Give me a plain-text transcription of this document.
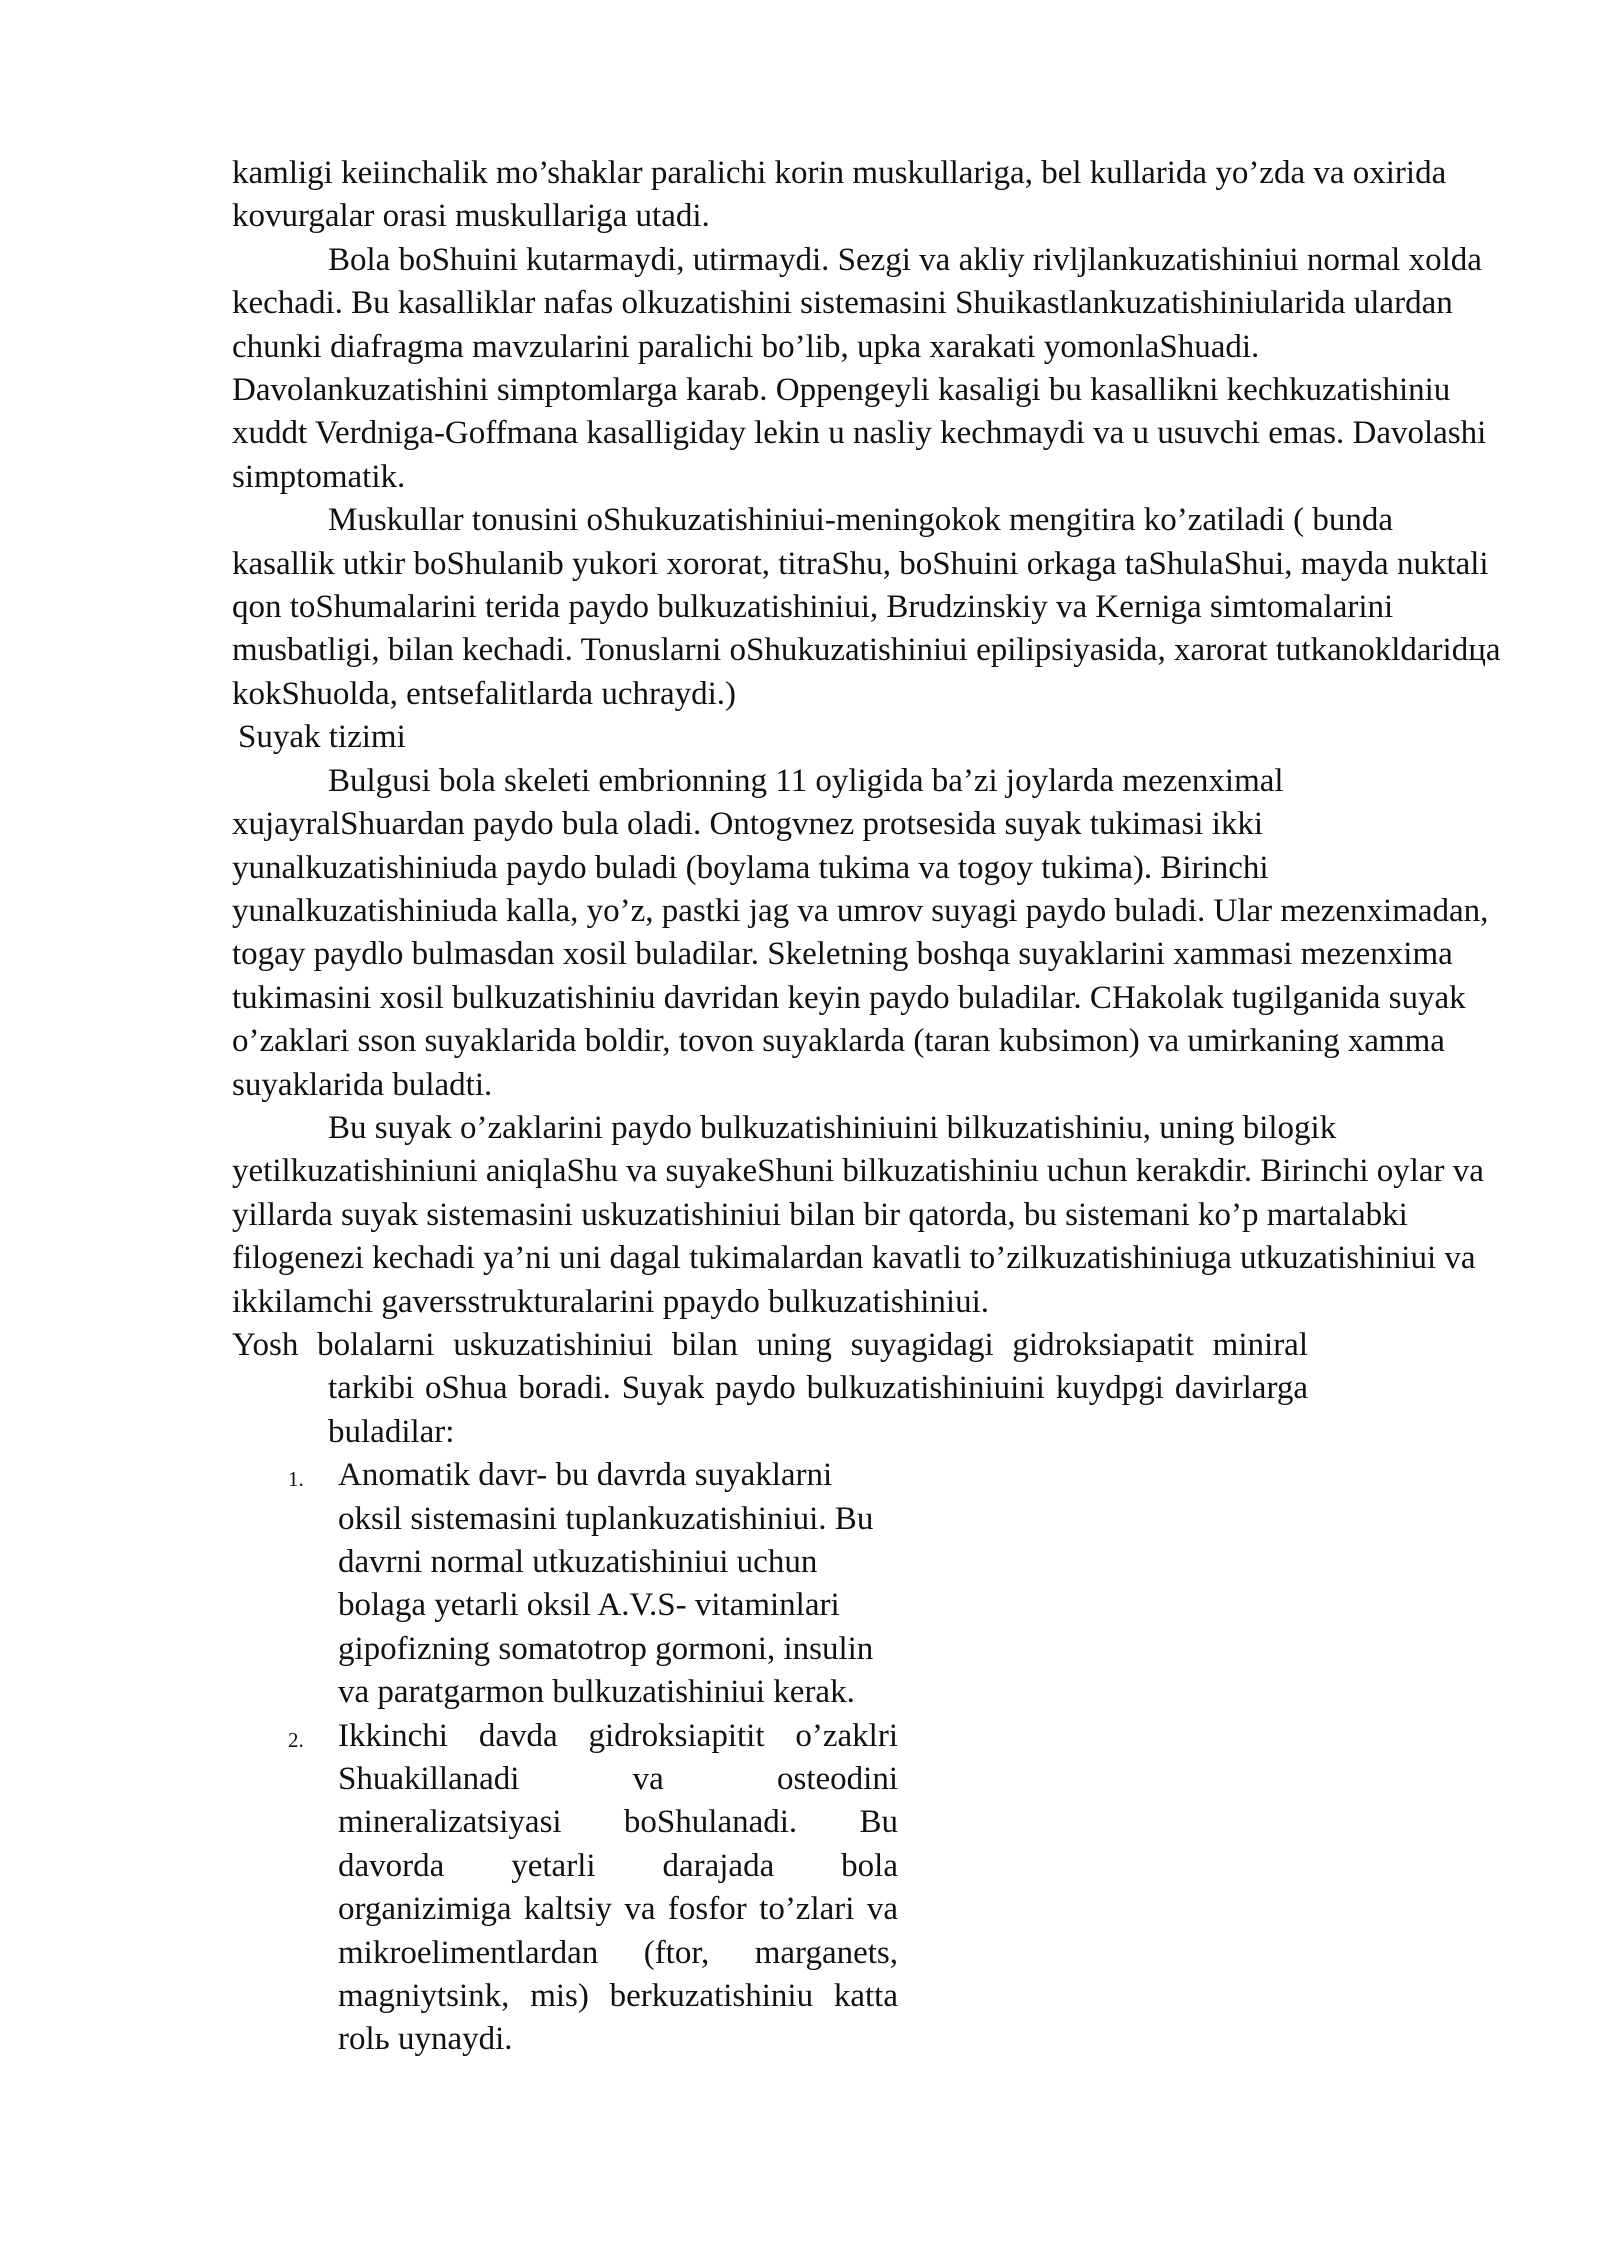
kamligi keiinchalik mo’shaklar paralichi korin muskullariga, bel kullarida yo’zda va oxirida kovurgalar orasi muskullariga utadi.

Bola boShuini kutarmaydi, utirmaydi. Sezgi va akliy rivljlankuzatishiniui normal xolda kechadi. Bu kasalliklar nafas olkuzatishini sistemasini Shuikastlankuzatishiniularida ulardan chunki diafragma mavzularini paralichi bo’lib, upka xarakati yomonlaShuadi. Davolankuzatishini simptomlarga karab. Oppengeyli kasaligi bu kasallikni kechkuzatishiniu xuddt Verdniga-Goffmana kasalligiday lekin u nasliy kechmaydi va u usuvchi emas. Davolashi simptomatik.

Muskullar tonusini oShukuzatishiniui-meningokok mengitira ko’zatiladi ( bunda kasallik utkir boShulanib yukori xororat, titraShu, boShuini orkaga taShulaShui, mayda nuktali qon toShumalarini terida paydo bulkuzatishiniui, Brudzinskiy va Kerniga simtomalarini musbatligi, bilan kechadi. Tonuslarni oShukuzatishiniui epilipsiyasida, xarorat tutkanokldaridцa kokShuolda, entsefalitlarda uchraydi.)

Suyak tizimi

Bulgusi bola skeleti embrionning 11 oyligida ba’zi joylarda mezenximal xujayralShuardan paydo bula oladi. Ontogvnez protsesida suyak tukimasi ikki yunalkuzatishiniuda paydo buladi (boylama tukima va togoy tukima). Birinchi yunalkuzatishiniuda kalla, yo’z, pastki jag va umrov suyagi paydo buladi. Ular mezenximadan, togay paydlo bulmasdan xosil buladilar. Skeletning boshqa suyaklarini xammasi mezenxima tukimasini xosil bulkuzatishiniu davridan keyin paydo buladilar. CHakolak tugilganida suyak o’zaklari sson suyaklarida boldir, tovon suyaklarda (taran kubsimon) va umirkaning xamma suyaklarida buladti.

Bu suyak o’zaklarini paydo bulkuzatishiniuini bilkuzatishiniu, uning bilogik yetilkuzatishiniuni aniqlaShu va suyakeShuni bilkuzatishiniu uchun kerakdir. Birinchi oylar va yillarda suyak sistemasini uskuzatishiniui bilan bir qatorda, bu sistemani ko’p martalabki filogenezi kechadi ya’ni uni dagal tukimalardan kavatli to’zilkuzatishiniuga utkuzatishiniui va ikkilamchi gaversstrukturalarini ppaydo bulkuzatishiniui.

Yosh bolalarni uskuzatishiniui bilan uning suyagidagi gidroksiapatit miniral tarkibi oShua boradi. Suyak paydo bulkuzatishiniuini kuydpgi davirlarga buladilar:

1. Anomatik davr- bu davrda suyaklarni oksil sistemasini tuplankuzatishiniui. Bu davrni normal utkuzatishiniui uchun bolaga yetarli oksil A.V.S- vitaminlari gipofizning somatotrop gormoni, insulin va paratgarmon bulkuzatishiniui kerak.
2. Ikkinchi davda gidroksiapitit o’zaklri Shuakillanadi va osteodini mineralizatsiyasi boShulanadi. Bu davorda yetarli darajada bola organizimiga kaltsiy va fosfor to’zlari va mikroelimentlardan (ftor, marganets, magniytsink, mis) berkuzatishiniu katta rolь uynaydi.
